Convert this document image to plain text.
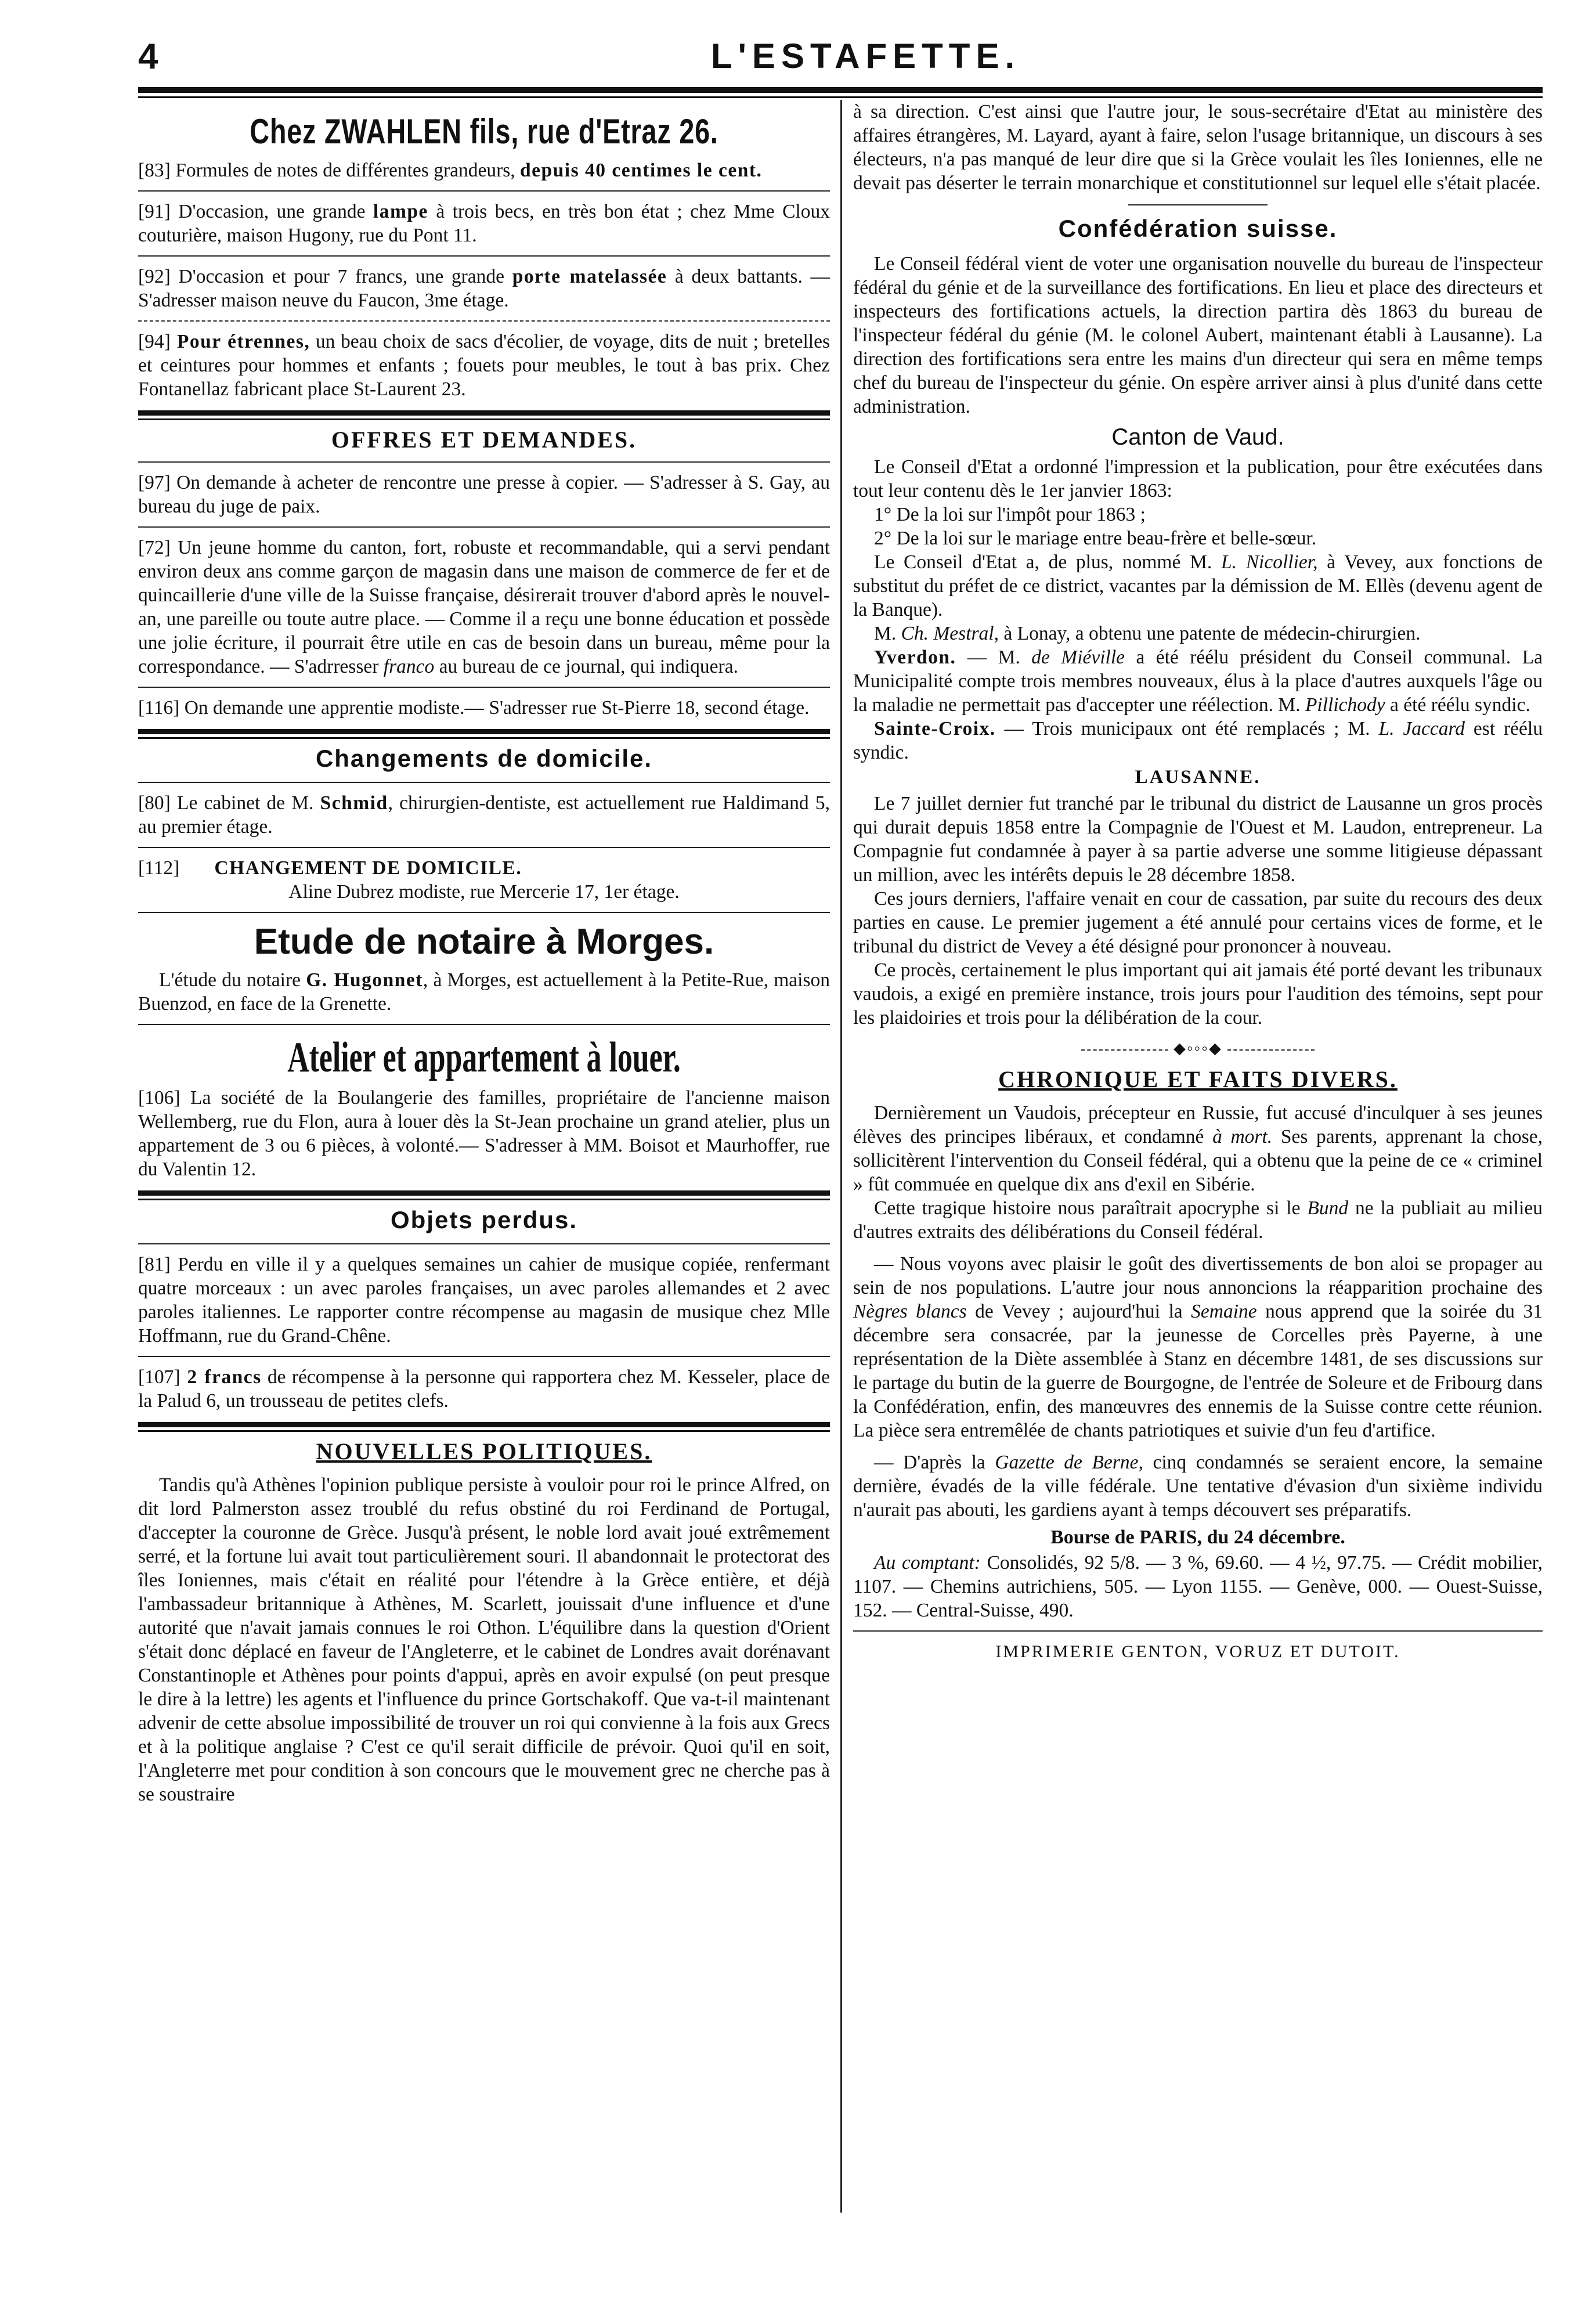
4	L'ESTAFETTE.
Chez ZWAHLEN fils, rue d'Etraz 26.

[83] Formules de notes de différentes grandeurs, depuis 40 centimes le cent.

[91] D'occasion, une grande lampe à trois becs, en très bon état ; chez Mme Cloux couturière, maison Hugony, rue du Pont 11.

[92] D'occasion et pour 7 francs, une grande porte matelassée à deux battants. — S'adresser maison neuve du Faucon, 3me étage.

[94] Pour étrennes, un beau choix de sacs d'écolier, de voyage, dits de nuit ; bretelles et ceintures pour hommes et enfants ; fouets pour meubles, le tout à bas prix. Chez Fontanellaz fabricant place St-Laurent 23.

OFFRES ET DEMANDES.

[97] On demande à acheter de rencontre une presse à copier. — S'adresser à S. Gay, au bureau du juge de paix.

[72] Un jeune homme du canton, fort, robuste et recommandable, qui a servi pendant environ deux ans comme garçon de magasin dans une maison de commerce de fer et de quincaillerie d'une ville de la Suisse française, désirerait trouver d'abord après le nouvel-an, une pareille ou toute autre place. — Comme il a reçu une bonne éducation et possède une jolie écriture, il pourrait être utile en cas de besoin dans un bureau, même pour la correspondance. — S'adrresser franco au bureau de ce journal, qui indiquera.

[116] On demande une apprentie modiste.— S'adresser rue St-Pierre 18, second étage.

Changements de domicile.

[80] Le cabinet de M. Schmid, chirurgien-dentiste, est actuellement rue Haldimand 5, au premier étage.

[112] CHANGEMENT DE DOMICILE.

Aline Dubrez modiste, rue Mercerie 17, 1er étage.

Etude de notaire à Morges.

L'étude du notaire G. Hugonnet, à Morges, est actuellement à la Petite-Rue, maison Buenzod, en face de la Grenette.

Atelier et appartement à louer.

[106] La société de la Boulangerie des familles, propriétaire de l'ancienne maison Wellemberg, rue du Flon, aura à louer dès la St-Jean prochaine un grand atelier, plus un appartement de 3 ou 6 pièces, à volonté.— S'adresser à MM. Boisot et Maurhoffer, rue du Valentin 12.

Objets perdus.

[81] Perdu en ville il y a quelques semaines un cahier de musique copiée, renfermant quatre morceaux : un avec paroles françaises, un avec paroles allemandes et 2 avec paroles italiennes. Le rapporter contre récompense au magasin de musique chez Mlle Hoffmann, rue du Grand-Chêne.

[107] 2 francs de récompense à la personne qui rapportera chez M. Kesseler, place de la Palud 6, un trousseau de petites clefs.

NOUVELLES POLITIQUES.

Tandis qu'à Athènes l'opinion publique persiste à vouloir pour roi le prince Alfred, on dit lord Palmerston assez troublé du refus obstiné du roi Ferdinand de Portugal, d'accepter la couronne de Grèce. Jusqu'à présent, le noble lord avait joué extrêmement serré, et la fortune lui avait tout particulièrement souri. Il abandonnait le protectorat des îles Ioniennes, mais c'était en réalité pour l'étendre à la Grèce entière, et déjà l'ambassadeur britannique à Athènes, M. Scarlett, jouissait d'une influence et d'une autorité que n'avait jamais connues le roi Othon. L'équilibre dans la question d'Orient s'était donc déplacé en faveur de l'Angleterre, et le cabinet de Londres avait dorénavant Constantinople et Athènes pour points d'appui, après en avoir expulsé (on peut presque le dire à la lettre) les agents et l'influence du prince Gortschakoff. Que va-t-il maintenant advenir de cette absolue impossibilité de trouver un roi qui convienne à la fois aux Grecs et à la politique anglaise ? C'est ce qu'il serait difficile de prévoir. Quoi qu'il en soit, l'Angleterre met pour condition à son concours que le mouvement grec ne cherche pas à se soustraire

à sa direction. C'est ainsi que l'autre jour, le sous-secrétaire d'Etat au ministère des affaires étrangères, M. Layard, ayant à faire, selon l'usage britannique, un discours à ses électeurs, n'a pas manqué de leur dire que si la Grèce voulait les îles Ioniennes, elle ne devait pas déserter le terrain monarchique et constitutionnel sur lequel elle s'était placée.

Confédération suisse.

Le Conseil fédéral vient de voter une organisation nouvelle du bureau de l'inspecteur fédéral du génie et de la surveillance des fortifications. En lieu et place des directeurs et inspecteurs des fortifications actuels, la direction partira dès 1863 du bureau de l'inspecteur fédéral du génie (M. le colonel Aubert, maintenant établi à Lausanne). La direction des fortifications sera entre les mains d'un directeur qui sera en même temps chef du bureau de l'inspecteur du génie. On espère arriver ainsi à plus d'unité dans cette administration.

Canton de Vaud.

Le Conseil d'Etat a ordonné l'impression et la publication, pour être exécutées dans tout leur contenu dès le 1er janvier 1863:

1° De la loi sur l'impôt pour 1863 ;

2° De la loi sur le mariage entre beau-frère et belle-sœur.

Le Conseil d'Etat a, de plus, nommé M. L. Nicollier, à Vevey, aux fonctions de substitut du préfet de ce district, vacantes par la démission de M. Ellès (devenu agent de la Banque).

M. Ch. Mestral, à Lonay, a obtenu une patente de médecin-chirurgien.

Yverdon. — M. de Miéville a été réélu président du Conseil communal. La Municipalité compte trois membres nouveaux, élus à la place d'autres auxquels l'âge ou la maladie ne permettait pas d'accepter une réélection. M. Pillichody a été réélu syndic.

Sainte-Croix. — Trois municipaux ont été remplacés ; M. L. Jaccard est réélu syndic.

LAUSANNE.

Le 7 juillet dernier fut tranché par le tribunal du district de Lausanne un gros procès qui durait depuis 1858 entre la Compagnie de l'Ouest et M. Laudon, entrepreneur. La Compagnie fut condamnée à payer à sa partie adverse une somme litigieuse dépassant un million, avec les intérêts depuis le 28 décembre 1858.

Ces jours derniers, l'affaire venait en cour de cassation, par suite du recours des deux parties en cause. Le premier jugement a été annulé pour certains vices de forme, et le tribunal du district de Vevey a été désigné pour prononcer à nouveau.

Ce procès, certainement le plus important qui ait jamais été porté devant les tribunaux vaudois, a exigé en première instance, trois jours pour l'audition des témoins, sept pour les plaidoiries et trois pour la délibération de la cour.

⬥◦◦◦⬥
CHRONIQUE ET FAITS DIVERS.

Dernièrement un Vaudois, précepteur en Russie, fut accusé d'inculquer à ses jeunes élèves des principes libéraux, et condamné à mort. Ses parents, apprenant la chose, sollicitèrent l'intervention du Conseil fédéral, qui a obtenu que la peine de ce « criminel » fût commuée en quelque dix ans d'exil en Sibérie.

Cette tragique histoire nous paraîtrait apocryphe si le Bund ne la publiait au milieu d'autres extraits des délibérations du Conseil fédéral.

— Nous voyons avec plaisir le goût des divertissements de bon aloi se propager au sein de nos populations. L'autre jour nous annoncions la réapparition prochaine des Nègres blancs de Vevey ; aujourd'hui la Semaine nous apprend que la soirée du 31 décembre sera consacrée, par la jeunesse de Corcelles près Payerne, à une représentation de la Diète assemblée à Stanz en décembre 1481, de ses discussions sur le partage du butin de la guerre de Bourgogne, de l'entrée de Soleure et de Fribourg dans la Confédération, enfin, des manœuvres des ennemis de la Suisse contre cette réunion. La pièce sera entremêlée de chants patriotiques et suivie d'un feu d'artifice.

— D'après la Gazette de Berne, cinq condamnés se seraient encore, la semaine dernière, évadés de la ville fédérale. Une tentative d'évasion d'un sixième individu n'aurait pas abouti, les gardiens ayant à temps découvert ses préparatifs.

Bourse de PARIS, du 24 décembre.

Au comptant: Consolidés, 92 5/8. — 3 %, 69.60. — 4 ½, 97.75. — Crédit mobilier, 1107. — Chemins autrichiens, 505. — Lyon 1155. — Genève, 000. — Ouest-Suisse, 152. — Central-Suisse, 490.

IMPRIMERIE GENTON, VORUZ ET DUTOIT.
